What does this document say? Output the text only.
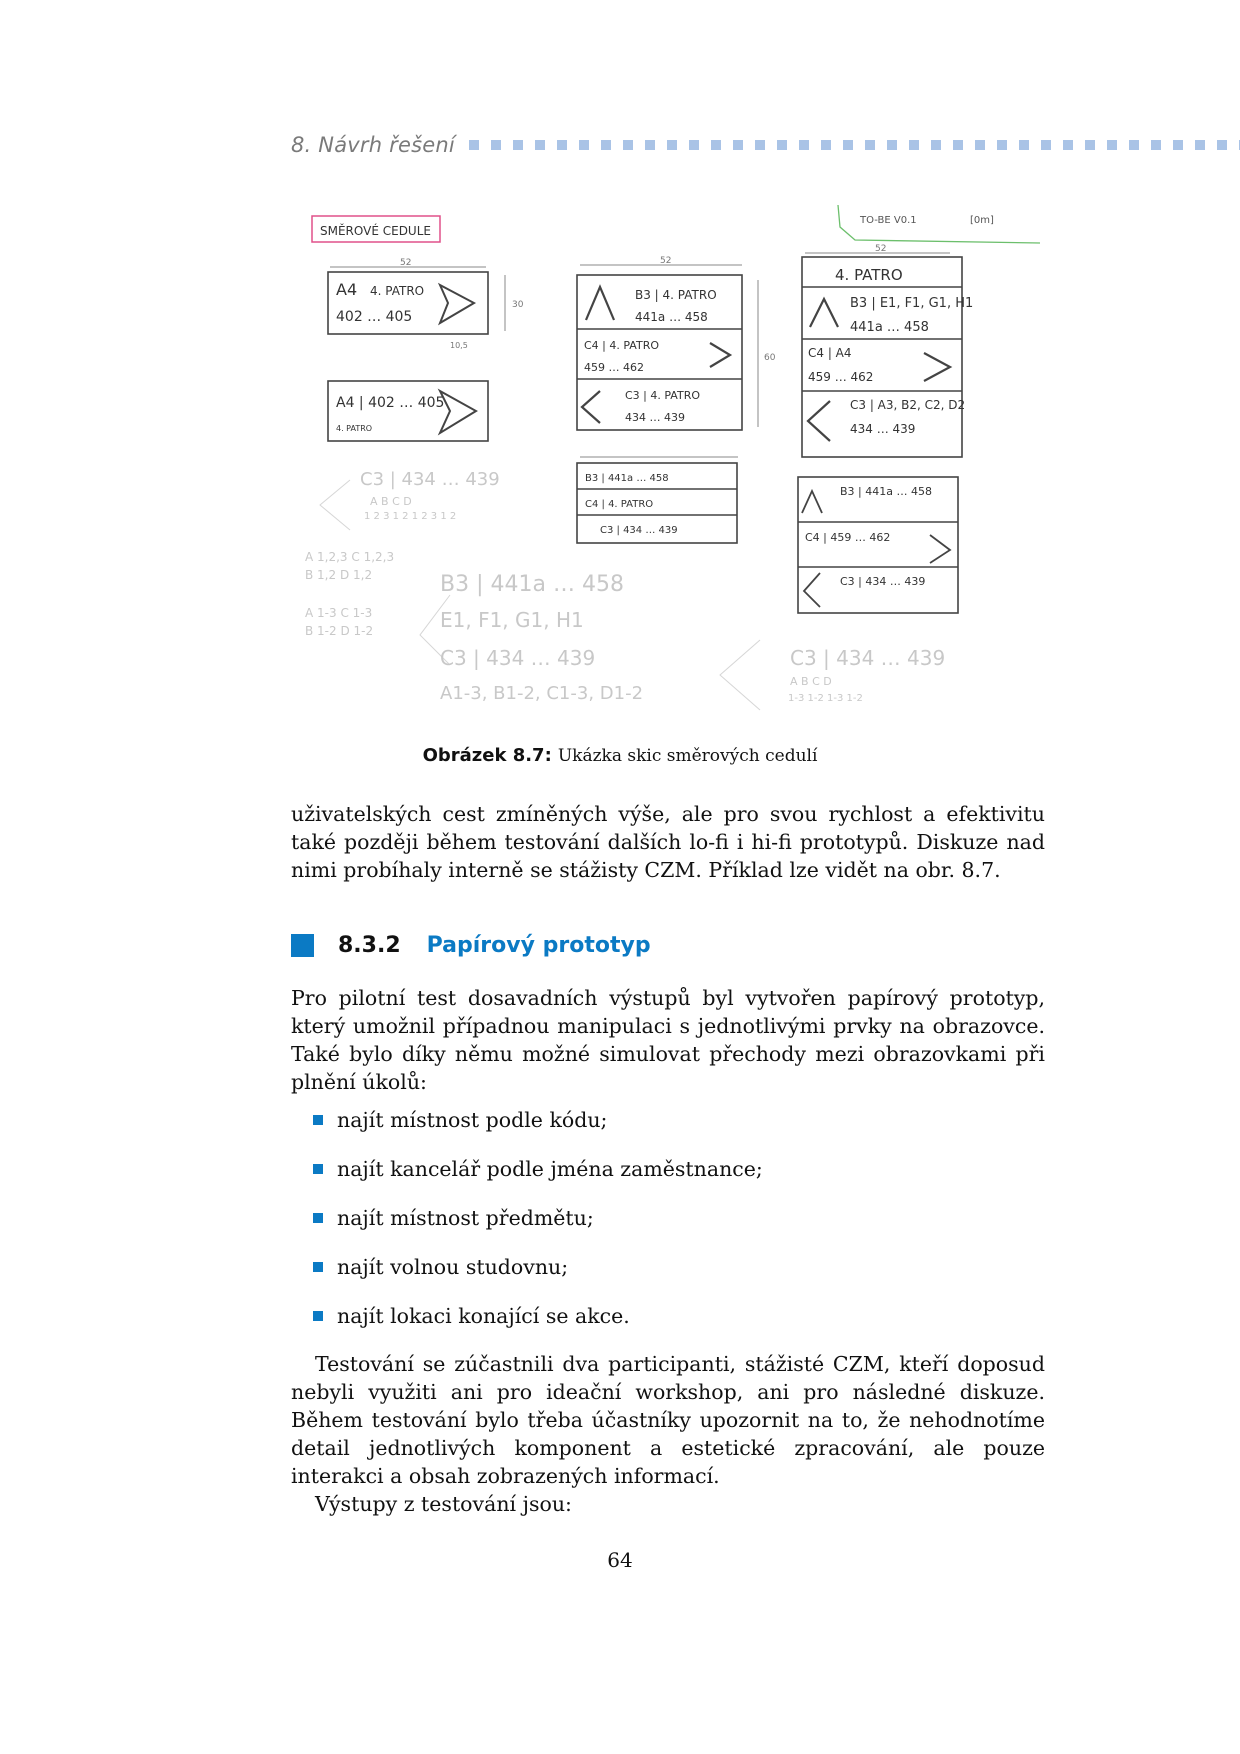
8. Návrh řešení
SMĚROVÉ CEDULE
TO-BE V0.1	[0m]
52
30
10,5
A4 4. PATRO
402 … 405
A4 | 402 … 405
4. PATRO
52
60
B3 | 4. PATRO
441a … 458
C4 | 4. PATRO
459 … 462
C3 | 4. PATRO
434 … 439
52
4. PATRO
B3 | E1, F1, G1, H1
441a … 458
C4 | A4
459 … 462
C3 | A3, B2, C2, D2
434 … 439
B3 | 441a … 458
C4 | 4. PATRO
C3 | 434 … 439
B3 | 441a … 458
C4 | 459 … 462
C3 | 434 … 439
C3 | 434 … 439
A B C D
1 2 3 1 2 1 2 3 1 2
A 1,2,3 C 1,2,3
B 1,2 D 1,2
A 1-3 C 1-3
B 1-2 D 1-2
B3 | 441a … 458
E1, F1, G1, H1
C3 | 434 … 439
A1-3, B1-2, C1-3, D1-2
C3 | 434 … 439
A B C D
1-3 1-2 1-3 1-2
Obrázek 8.7: Ukázka skic směrových cedulí

uživatelských cest zmíněných výše, ale pro svou rychlost a efektivitu také později během testování dalších lo-fi i hi-fi prototypů. Diskuze nad nimi probíhaly interně se stážisty CZM. Příklad lze vidět na obr. 8.7.

8.3.2 Papírový prototyp

Pro pilotní test dosavadních výstupů byl vytvořen papírový prototyp, který umožnil případnou manipulaci s jednotlivými prvky na obrazovce. Také bylo díky němu možné simulovat přechody mezi obrazovkami při plnění úkolů:

najít místnost podle kódu;
najít kancelář podle jména zaměstnance;
najít místnost předmětu;
najít volnou studovnu;
najít lokaci konající se akce.

Testování se zúčastnili dva participanti, stážisté CZM, kteří doposud nebyli využiti ani pro ideační workshop, ani pro následné diskuze. Během testování bylo třeba účastníky upozornit na to, že nehodnotíme detail jednotlivých komponent a estetické zpracování, ale pouze interakci a obsah zobrazených informací.

Výstupy z testování jsou:

64
